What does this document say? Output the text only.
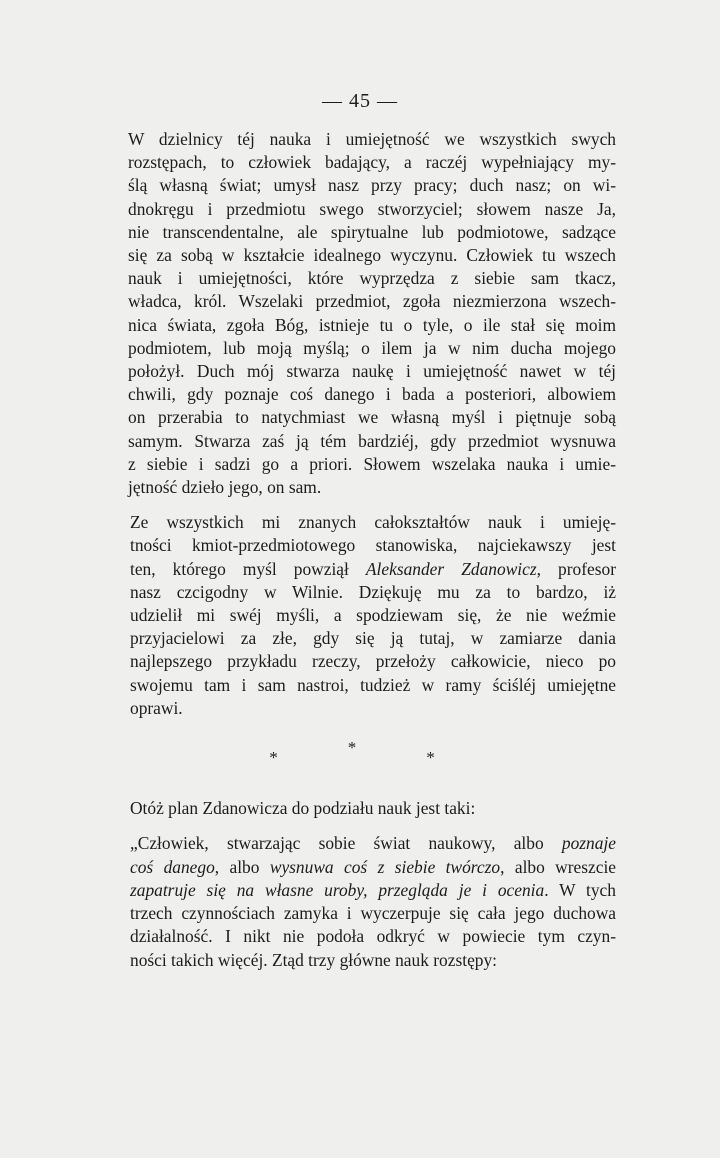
— 45 —

W dzielnicy téj nauka i umiejętność we wszystkich swych
rozstępach, to człowiek badający, a raczéj wypełniający my-
ślą własną świat; umysł nasz przy pracy; duch nasz; on wi-
dnokręgu i przedmiotu swego stworzyciel; słowem nasze Ja,
nie transcendentalne, ale spirytualne lub podmiotowe, sadzące
się za sobą w kształcie idealnego wyczynu. Człowiek tu wszech
nauk i umiejętności, które wyprzędza z siebie sam tkacz,
władca, król. Wszelaki przedmiot, zgoła niezmierzona wszech-
nica świata, zgoła Bóg, istnieje tu o tyle, o ile stał się moim
podmiotem, lub moją myślą; o ilem ja w nim ducha mojego
położył. Duch mój stwarza naukę i umiejętność nawet w téj
chwili, gdy poznaje coś danego i bada a posteriori, albowiem
on przerabia to natychmiast we własną myśl i piętnuje sobą
samym. Stwarza zaś ją tém bardziéj, gdy przedmiot wysnuwa
z siebie i sadzi go a priori. Słowem wszelaka nauka i umie-
jętność dzieło jego, on sam.

Ze wszystkich mi znanych całokształtów nauk i umieję-
tności kmiot-przedmiotowego stanowiska, najciekawszy jest
ten, którego myśl powziął Aleksander Zdanowicz, profesor
nasz czcigodny w Wilnie. Dziękuję mu za to bardzo, iż
udzielił mi swéj myśli, a spodziewam się, że nie weźmie
przyjacielowi za złe, gdy się ją tutaj, w zamiarze dania
najlepszego przykładu rzeczy, przełoży całkowicie, nieco po
swojemu tam i sam nastroi, tudzież w ramy ściśléj umiejętne
oprawi.

*
*
*

Otóż plan Zdanowicza do podziału nauk jest taki:

„Człowiek, stwarzając sobie świat naukowy, albo poznaje
coś danego, albo wysnuwa coś z siebie twórczo, albo wreszcie
zapatruje się na własne uroby, przegląda je i ocenia. W tych
trzech czynnościach zamyka i wyczerpuje się cała jego duchowa
działalność. I nikt nie podoła odkryć w powiecie tym czyn-
ności takich więcéj. Ztąd trzy główne nauk rozstępy:
